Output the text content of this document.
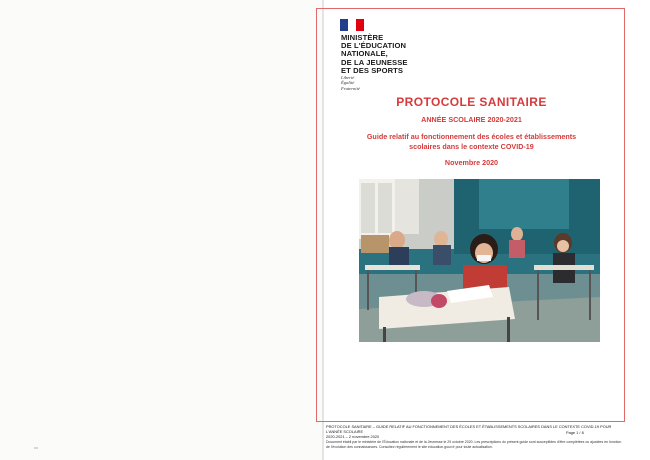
MINISTÈRE
DE L'ÉDUCATION
NATIONALE,
DE LA JEUNESSE
ET DES SPORTS
Liberté
Égalité
Fraternité
PROTOCOLE SANITAIRE
ANNÉE SCOLAIRE 2020-2021
Guide relatif au fonctionnement des écoles et établissements
scolaires dans le contexte COVID-19
Novembre 2020
PROTOCOLE SANITAIRE – GUIDE RELATIF AU FONCTIONNEMENT DES ÉCOLES ET ÉTABLISSEMENTS SCOLAIRES DANS LE CONTEXTE COVID-19 POUR L'ANNÉE SCOLAIRE
2020-2021 – 2 novembre 2020
Page 1 / 8
Document établi par le ministère de l'Éducation nationale et de la Jeunesse le 29 octobre 2020. Les prescriptions du présent guide sont susceptibles d'être complétées ou ajustées en fonction de l'évolution des connaissances. Consultez régulièrement le site education.gouv.fr pour toute actualisation.
